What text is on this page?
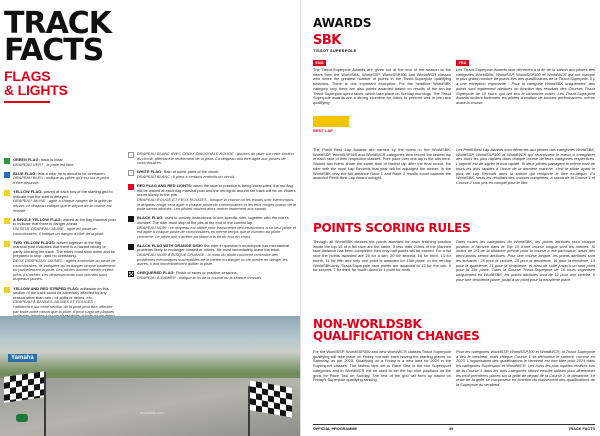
TRACK
FACTS
FLAGS
& LIGHTS
GREEN FLAG: track is clear.
DRAPEAU VERT : la piste est libre.
BLUE FLAG: tells a rider he is about to be overtaken.
DRAPEAU BLEU : indique au pilote qu'il est sur le point d'être dépassé.
YELLOW FLAG: waved at each row of the starting grid to indicate that the start is delayed.
DRAPEAU JAUNE : agité à chaque rangée de la grille de départ, ce drapeau indique que le départ de la course est retardé.
A SINGLE YELLOW FLAG: waved at the flag marshal post to indicate that there is danger ahead.
UN SEUL DRAPEAU JAUNE : agité au poste de commissaires, il indique un danger à côté de la piste.
TWO YELLOW FLAGS: waved together at the flag marshal post indicates that there is a hazard wholly or partly blocking the track. The riders must slow down and be prepared to stop - and no overtaking.
DEUX DRAPEAUX JAUNES : agités ensemble au poste de commissaires, ils indiquent qu'un danger bloque totalement ou partiellement la piste. Les pilotes doivent ralentir et être prêts à s'arrêter. Les dépassements sont interdits sous drapeaux jaunes.
YELLOW AND RED STRIPED FLAG: adhesion on this section of the track could be adversely affected by any reason other than rain - oil spills or debris, etc.
DRAPEAU À BANDES JAUNES ET ROUGES : l'adhérence sur cette section de la piste peut être affectée par toute autre raison que la pluie. Il peut s'agir de plaques
DRAPEAU BLANC AVEC CROIX DIAGONALE ROUGE : gouttes de pluie sur cette section du circuit, affectant le revêtement de la piste. Ce drapeau doit être agité aux postes de commissaires.
WHITE FLAG: Rain at some parts of the circuit.
DRAPEAU BLANC : il pleut à certains endroits du circuit.
RED FLAG AND RED LIGHTS: when the race or practice is being interrupted, the red flag will be waved at each flag marshal post and the red lights around the track will be on. Riders return slowly to the pits.
DRAPEAU ROUGE ET FEUX ROUGES : lorsque la course ou les essais sont interrompus, le drapeau rouge sera agité à chaque poste de commissaires et les feux rouges autour de la piste seront allumés. Les pilotes doivent alors rentrer lentement aux stands.
BLACK FLAG: used to convey instructions to one specific rider, together with the rider's number. The rider must stop at the pits at the end of the current lap.
DRAPEAU NOIR : ce drapeau est utilisé pour transmettre des instructions à un seul pilote et est agité à chaque poste de commissaires en même temps que le numéro du pilote concerné. Le pilote doit s'arrêter au stand à la fin du tour en cours.
BLACK FLAG WITH ORANGE DISK: the rider in question's motorcycle has mechanical problems likely to endanger himself or others. He must immediately leave the track.
DRAPEAU NOIR À DISQUE ORANGE : la moto du pilote concerné rencontre des problèmes mécaniques susceptibles de le mettre en danger ou de mettre en danger les autres, il doit immédiatement quitter la piste.
CHEQUERED FLAG: Finish of races or practice sessions.
DRAPEAU À DAMIER : indique la fin de la course ou la séance d'essais.
Yamaha
worldsbk.com
AWARDS
SBK
TISSOT SUPERPOLE
ENG	FRA
The Tissot-Superpole Awards are given out at the end of the season to the riders from the WorldSBK, WorldSSP, WorldSSP300 and WorldWCR classes who score the greatest number of points in the Tissot-Superpole qualifying sessions. There is one important exception: For the headline WorldSBK category only there are also points awarded based on results of the ten-lap Tissot Superpole sprint races, which take place on Sunday mornings. The Tissot Superpole awards are a strong incentive for riders to perform well in pre-race qualifying.
Les Tissot-Superpole Awards sont décernés à la fin de la saison aux pilotes des catégories WorldSBK, WorldSSP, WorldSSP300 et WorldWCR qui ont marqué le plus grand nombre de points lors des qualifications de la Tissot-Superpole. Il y a une exception importante : Pour la catégorie WorldSBK uniquement, des points sont également attribués en fonction des résultats des Courses Tissot Superpole de 10 tours, qui ont lieu le dimanche matin. Les Tissot-Superpole Awards incitent fortement les pilotes à réaliser de bonnes performances, même avant la course.
BEST LAP
The Pirelli Best Lap Awards are earned by the riders in the WorldSBK, WorldSSP, WorldSSP300 and WorldWCR categories who record the fastest lap in each race of their respective classes. Pure pace over one lap is the aim here. Should two riders share the same time of fastest lap after the final round, the rider with the most Lap Records that year will be adjudged the winner. In the WorldSBK only the full distance Race 1 and Race 2 results count towards the awarded Pirelli Best Lap Award outright.
Les Pirelli Best Lap Awards sont décernés aux pilotes des catégories WorldSBK, WorldSSP, WorldSSP300 et WorldWCR qui réussissent le mieux à enregistrer des tours les plus rapides dans chaque course de leurs catégories respectives. L'objectif est de signer le tour rapide. Si deux pilotes partagent le même total de tours les plus rapides à l'issue de la dernière manche, c'est le pilote ayant le plus de Lap Records dans la saison qui remporte le titre ex-aequo. En WorldSBK, seuls les résultats des courses complètes, à savoir de la Course 1 et Course 2 sont pris en compte pour le titre.
POINTS SCORING RULES
Through all WorldSBK classes the points awarded for each finishing position inside the top 15 of a full race are the same. If less than 2/3rds of the planned race distance has been completed then only half points will be earned. For a full race the points awarded are 25 for a win, 20 for second, 16 for third, 13 for fourth, 11 for fifth and only one point is awarded for 15th place. In the ten-lap WorldSBK-only Tissot-Superpole race points are awarded to 12 for the win, 9 for second, 7 for third, for fourth down to 1 point for ninth.
Dans toutes les catégories du WorldSBK, les points attribués pour chaque position à l'arrivée dans le Top 15 d'une course longue sont les mêmes. Si moins de 2/3 de la distance prévue pour la course a été parcourue, seuls des demi-points seront attribués. Pour une course longue, les points attribués sont les suivants : 25 pour la victoire, 20 pour la deuxième, 16 pour la troisième, 13 pour la quatrième, 11 pour la cinquième, et ainsi de suite jusqu'à un seul point pour la 15e place. Dans la Course Tissot-Superpole de 10 tours organisée uniquement en WorldSBK, les points attribués sont de 12 pour une victoire, 9 pour une deuxième place, jusqu'à un point pour la neuvième place.
NON-WORLDSBK
QUALIFICATION CHANGES
For the WorldSSP, WorldSSP300 and new WorldWCR classes Tissot Superpole qualifying will take place on Friday, but with each having the starting places on Saturday, as per 2023. Qualifying on a Friday is a new idea for 2024 in the Supersport classes. The fastest laps set in Race One in the two Supersport categories and in WorldWCR will be used to set the top nine positions on the grids for Race Two on Sunday. The rest of the grid will form up based on Friday's Superpole qualifying ranking.
Pour les catégories WorldSSP, WorldSSP300 et WorldWCR, la Tissot Superpole a lieu le vendredi, mais chaque Course 1 se déroulera le samedi, comme en 2023. L'organisation des qualifications le vendredi est une idée pour 2024 dans les catégories Supersport et WorldWCR. Les tours les plus rapides réalisés lors de la Course 1 dans les trois catégories seront ensuite utilisés pour déterminer les neuf premières places sur la grille de départ de la Course 2, le dimanche. Le reste de la grille se composera en fonction du classement des qualifications de la Superpole du vendredi.
OFFICIAL PROGRAMME	39	TRACK FACTS
